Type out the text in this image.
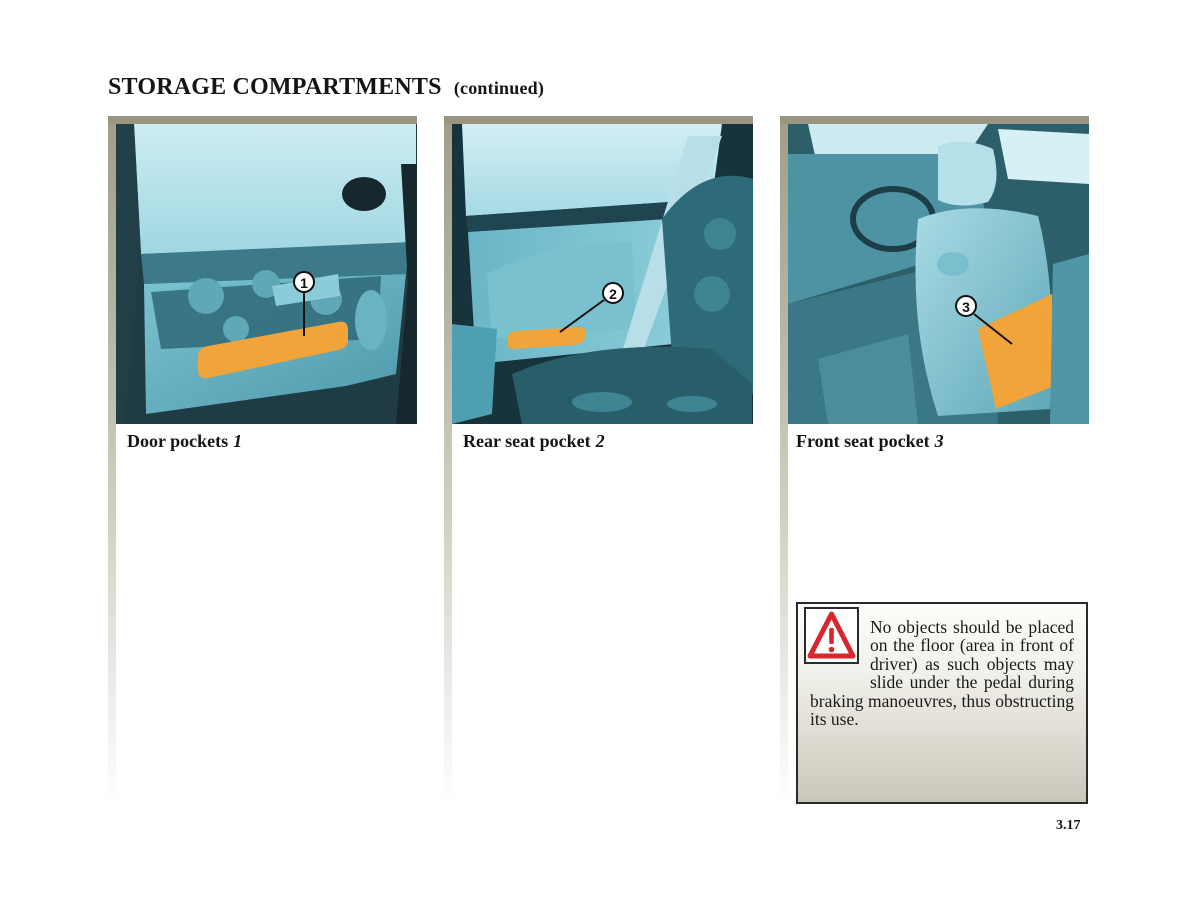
STORAGE COMPARTMENTS (continued)
1
Door pockets 1
2
Rear seat pocket 2
3
Front seat pocket 3
No objects should be placed on the floor (area in front of driver) as such objects may slide under the pedal during braking manoeuvres, thus obstructing its use.
3.17
